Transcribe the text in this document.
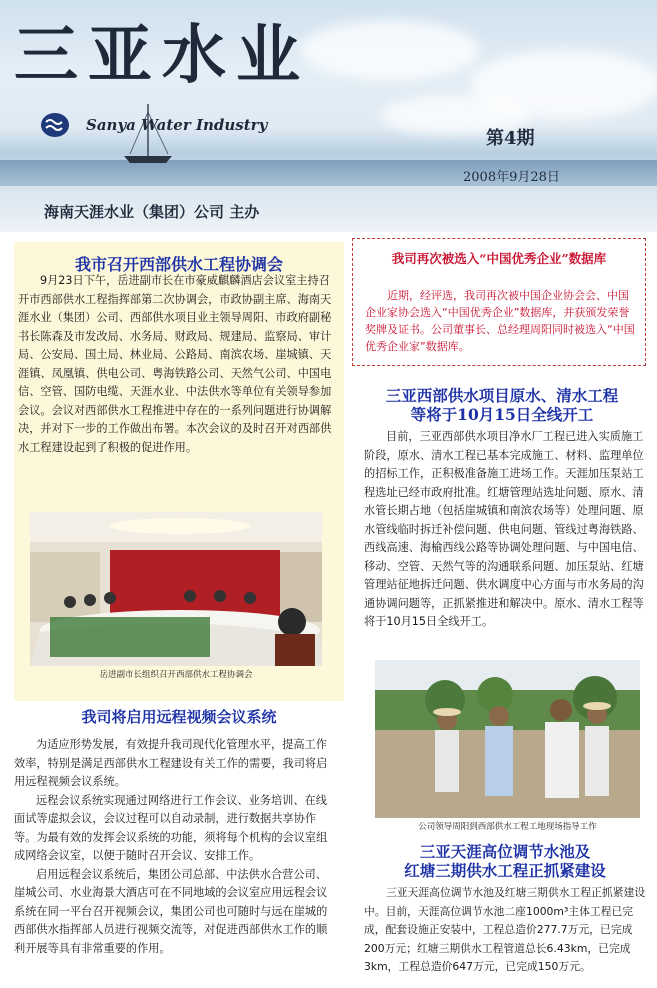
三亚水业
Sanya Water Industry
第4期
2008年9月28日
海南天涯水业（集团）公司 主办
我市召开西部供水工程协调会

9月23日下午，岳进副市长在市豪威麒麟酒店会议室主持召开市西部供水工程指挥部第二次协调会，市政协副主席、海南天涯水业（集团）公司、西部供水项目业主领导周阳、市政府副秘书长陈森及市发改局、水务局、财政局、规建局、监察局、审计局、公安局、国土局、林业局、公路局、南滨农场、崖城镇、天涯镇、凤凰镇、供电公司、粤海铁路公司、天然气公司、中国电信、空管、国防电缆、天涯水业、中法供水等单位有关领导参加会议。会议对西部供水工程推进中存在的一系列问题进行协调解决，并对下一步的工作做出布署。本次会议的及时召开对西部供水工程建设起到了积极的促进作用。

岳进副市长组织召开西部供水工程协调会
我司将启用远程视频会议系统

为适应形势发展，有效提升我司现代化管理水平，提高工作效率，特别是满足西部供水工程建设有关工作的需要，我司将启用远程视频会议系统。

远程会议系统实现通过网络进行工作会议、业务培训、在线面试等虚拟会议，会议过程可以自动录制，进行数据共享协作等。为最有效的发挥会议系统的功能，须将每个机构的会议室组成网络会议室，以便于随时召开会议、安排工作。

启用远程会议系统后，集团公司总部、中法供水合营公司、崖城公司、水业海景大酒店可在不同地域的会议室应用远程会议系统在同一平台召开视频会议，集团公司也可随时与远在崖城的西部供水指挥部人员进行视频交流等，对促进西部供水工作的顺利开展等具有非常重要的作用。

我司再次被选入“中国优秀企业”数据库

近期，经评选，我司再次被中国企业协会会、中国企业家协会选入“中国优秀企业”数据库，并获颁发荣誉奖牌及证书。公司董事长、总经理周阳同时被选入“中国优秀企业家”数据库。

三亚西部供水项目原水、清水工程
等将于10月15日全线开工

目前，三亚西部供水项目净水厂工程已进入实质施工阶段，原水、清水工程已基本完成施工、材料、监理单位的招标工作，正积极准备施工进场工作。天涯加压泵站工程选址已经市政府批准。红塘管理站选址问题、原水、清水管长期占地（包括崖城镇和南滨农场等）处理问题、原水管线临时拆迁补偿问题、供电问题、管线过粤海铁路、西线高速、海榆西线公路等协调处理问题、与中国电信、移动、空管、天然气等的沟通联系问题、加压泵站、红塘管理站征地拆迁问题、供水调度中心方面与市水务局的沟通协调问题等，正抓紧推进和解决中。原水、清水工程等将于10月15日全线开工。

公司领导周阳到西部供水工程工地现场指导工作
三亚天涯高位调节水池及
红塘三期供水工程正抓紧建设

三亚天涯高位调节水池及红塘三期供水工程正抓紧建设中。目前，天涯高位调节水池二座1000m³主体工程已完成，配套设施正安装中，工程总造价277.7万元，已完成200万元；红塘三期供水工程管道总长6.43km，已完成3km，工程总造价647万元，已完成150万元。
